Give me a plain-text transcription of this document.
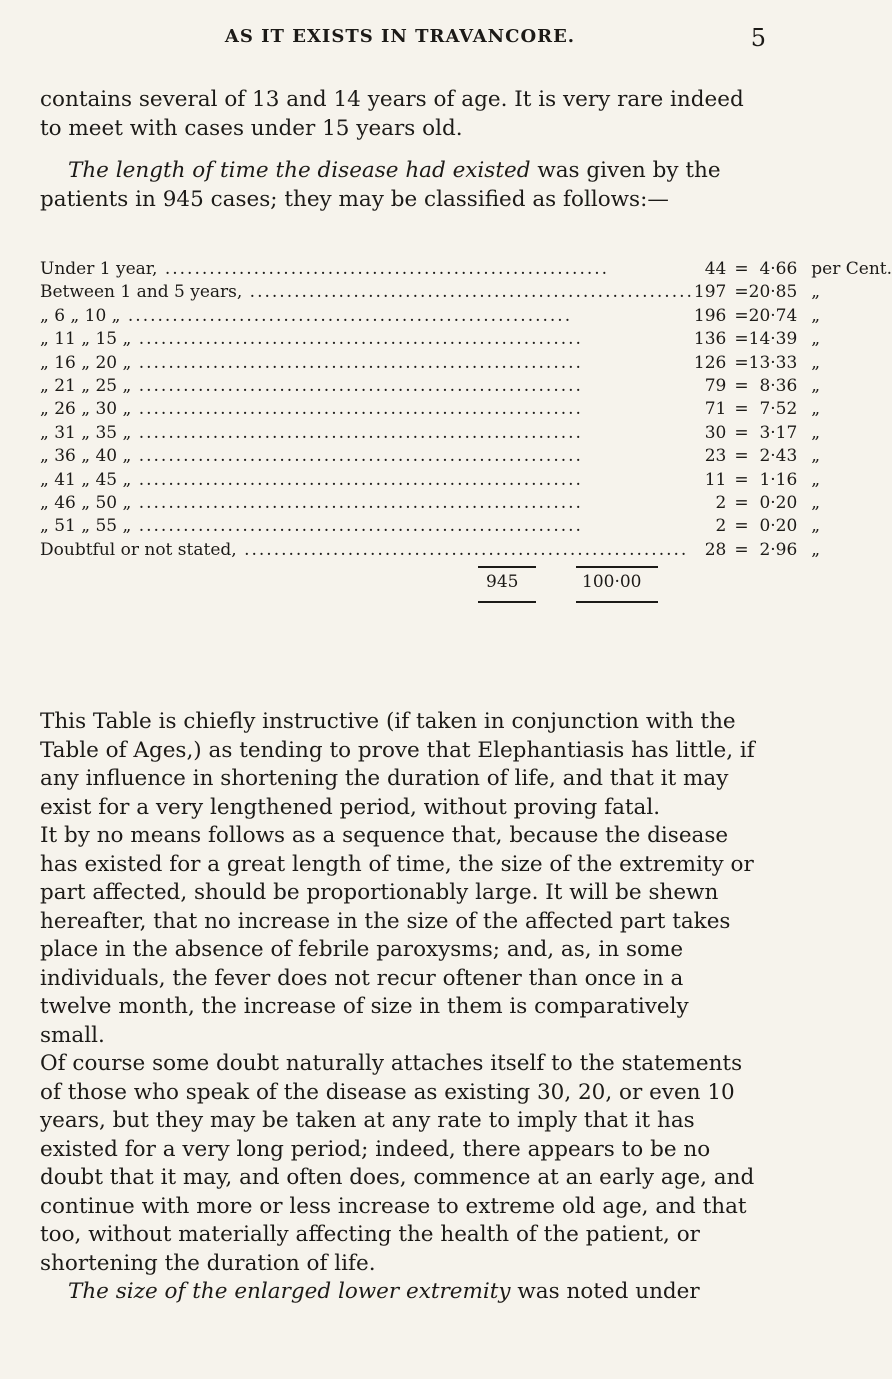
AS IT EXISTS IN TRAVANCORE.	5
contains several of 13 and 14 years of age. It is very rare indeed to meet with cases under 15 years old.
The length of time the disease had existed was given by the patients in 945 cases; they may be classified as follows:—
Under 1 year, ............................................................	44	=	4·66	per Cent.
Between 1 and 5 years, ............................................................	197	=	20·85	„
„ 6 „ 10 „ ............................................................	196	=	20·74	„
„ 11 „ 15 „ ............................................................	136	=	14·39	„
„ 16 „ 20 „ ............................................................	126	=	13·33	„
„ 21 „ 25 „ ............................................................	79	=	8·36	„
„ 26 „ 30 „ ............................................................	71	=	7·52	„
„ 31 „ 35 „ ............................................................	30	=	3·17	„
„ 36 „ 40 „ ............................................................	23	=	2·43	„
„ 41 „ 45 „ ............................................................	11	=	1·16	„
„ 46 „ 50 „ ............................................................	2	=	0·20	„
„ 51 „ 55 „ ............................................................	2	=	0·20	„
Doubtful or not stated, ............................................................	28	=	2·96	„
945	100·00

This Table is chiefly instructive (if taken in conjunction with the Table of Ages,) as tending to prove that Elephantiasis has little, if any influence in shortening the duration of life, and that it may exist for a very lengthened period, without proving fatal.

It by no means follows as a sequence that, because the disease has existed for a great length of time, the size of the extremity or part affected, should be proportionably large. It will be shewn hereafter, that no increase in the size of the affected part takes place in the absence of febrile paroxysms; and, as, in some individuals, the fever does not recur oftener than once in a twelve month, the increase of size in them is comparatively small.

Of course some doubt naturally attaches itself to the statements of those who speak of the disease as existing 30, 20, or even 10 years, but they may be taken at any rate to imply that it has existed for a very long period; indeed, there appears to be no doubt that it may, and often does, commence at an early age, and continue with more or less increase to extreme old age, and that too, without materially affecting the health of the patient, or shortening the duration of life.

The size of the enlarged lower extremity was noted under
